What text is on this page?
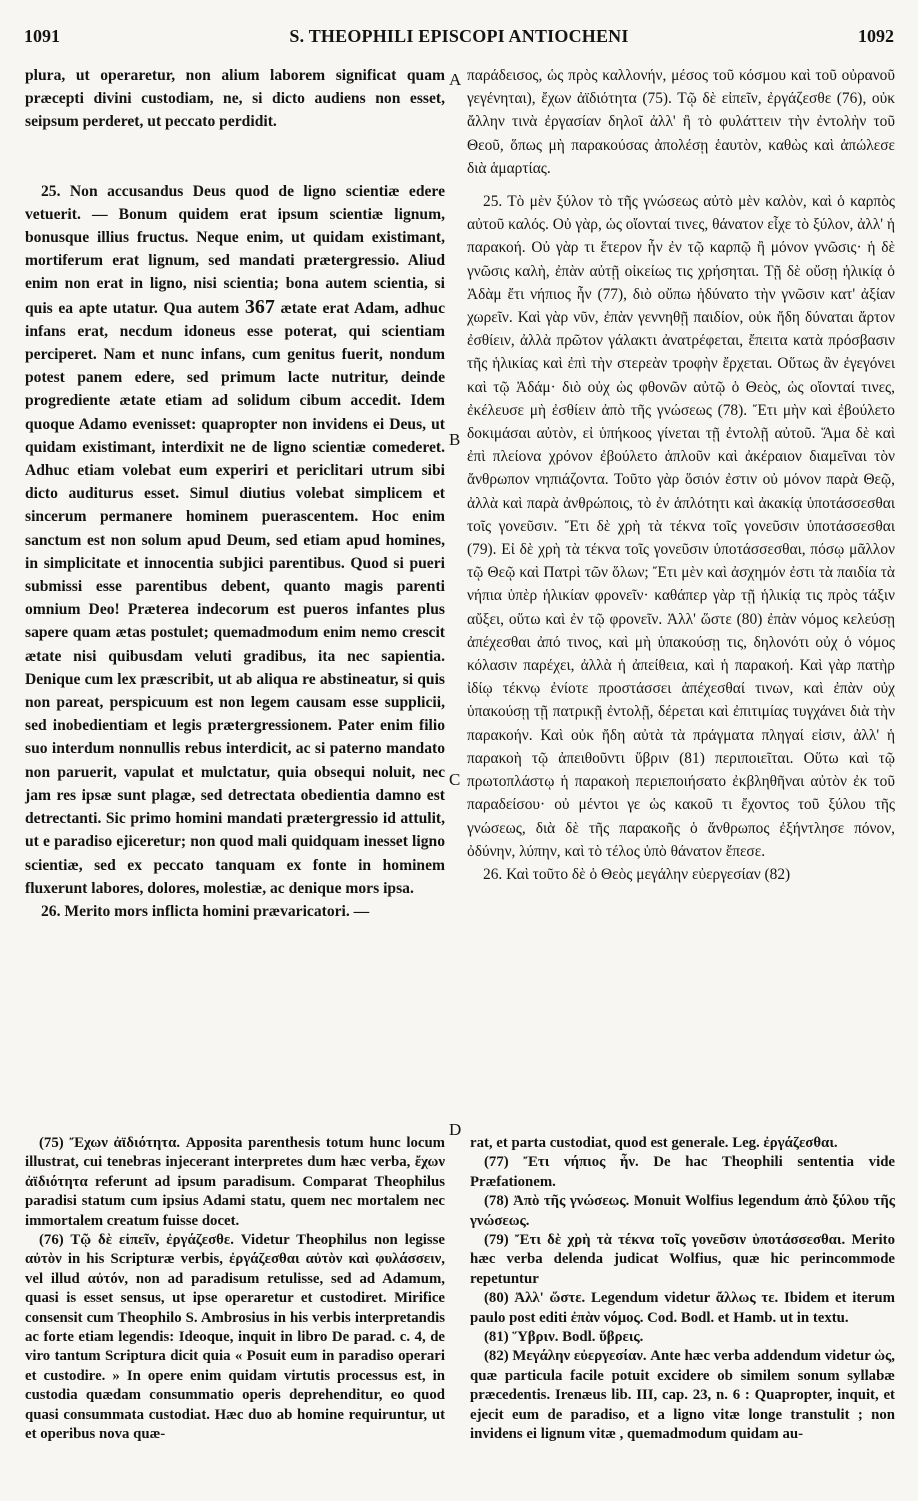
1091	S. THEOPHILI EPISCOPI ANTIOCHENI	1092
A
B
C
D

plura, ut operaretur, non alium laborem significat quam præcepti divini custodiam, ne, si dicto audiens non esset, seipsum perderet, ut peccato perdidit.

25. Non accusandus Deus quod de ligno scientiæ edere vetuerit. — Bonum quidem erat ipsum scientiæ lignum, bonusque illius fructus. Neque enim, ut quidam existimant, mortiferum erat lignum, sed mandati prætergressio. Aliud enim non erat in ligno, nisi scientia; bona autem scientia, si quis ea apte utatur. Qua autem 367 ætate erat Adam, adhuc infans erat, necdum idoneus esse poterat, qui scientiam perciperet. Nam et nunc infans, cum genitus fuerit, nondum potest panem edere, sed primum lacte nutritur, deinde progrediente ætate etiam ad solidum cibum accedit. Idem quoque Adamo evenisset: quapropter non invidens ei Deus, ut quidam existimant, interdixit ne de ligno scientiæ comederet. Adhuc etiam volebat eum experiri et periclitari utrum sibi dicto auditurus esset. Simul diutius volebat simplicem et sincerum permanere hominem puerascentem. Hoc enim sanctum est non solum apud Deum, sed etiam apud homines, in simplicitate et innocentia subjici parentibus. Quod si pueri submissi esse parentibus debent, quanto magis parenti omnium Deo! Præterea indecorum est pueros infantes plus sapere quam ætas postulet; quemadmodum enim nemo crescit ætate nisi quibusdam veluti gradibus, ita nec sapientia. Denique cum lex præscribit, ut ab aliqua re abstineatur, si quis non pareat, perspicuum est non legem causam esse supplicii, sed inobedientiam et legis prætergressionem. Pater enim filio suo interdum nonnullis rebus interdicit, ac si paterno mandato non paruerit, vapulat et mulctatur, quia obsequi noluit, nec jam res ipsæ sunt plagæ, sed detrectata obedientia damno est detrectanti. Sic primo homini mandati prætergressio id attulit, ut e paradiso ejiceretur; non quod mali quidquam inesset ligno scientiæ, sed ex peccato tanquam ex fonte in hominem fluxerunt labores, dolores, molestiæ, ac denique mors ipsa.

26. Merito mors inflicta homini prævaricatori. —

παράδεισος, ὡς πρὸς καλλονήν, μέσος τοῦ κόσμου καὶ τοῦ οὐρανοῦ γεγένηται), ἔχων ἀϊδιότητα (75). Τῷ δὲ εἰπεῖν, ἐργάζεσθε (76), οὐκ ἄλλην τινὰ ἐργασίαν δηλοῖ ἀλλ' ἢ τὸ φυλάττειν τὴν ἐντολὴν τοῦ Θεοῦ, ὅπως μὴ παρακούσας ἀπολέσῃ ἑαυτὸν, καθὼς καὶ ἀπώλεσε διὰ ἁμαρτίας.

25. Τὸ μὲν ξύλον τὸ τῆς γνώσεως αὐτὸ μὲν καλὸν, καὶ ὁ καρπὸς αὐτοῦ καλός. Οὐ γὰρ, ὡς οἴονταί τινες, θάνατον εἶχε τὸ ξύλον, ἀλλ' ἡ παρακοή. Οὐ γὰρ τι ἕτερον ἦν ἐν τῷ καρπῷ ἢ μόνον γνῶσις· ἡ δὲ γνῶσις καλὴ, ἐπὰν αὐτῇ οἰκείως τις χρήσηται. Τῇ δὲ οὔσῃ ἡλικίᾳ ὁ Ἀδὰμ ἔτι νήπιος ἦν (77), διὸ οὔπω ἠδύνατο τὴν γνῶσιν κατ' ἀξίαν χωρεῖν. Καὶ γὰρ νῦν, ἐπὰν γεννηθῇ παιδίον, οὐκ ἤδη δύναται ἄρτον ἐσθίειν, ἀλλὰ πρῶτον γάλακτι ἀνατρέφεται, ἔπειτα κατὰ πρόσβασιν τῆς ἡλικίας καὶ ἐπὶ τὴν στερεὰν τροφὴν ἔρχεται. Οὕτως ἂν ἐγεγόνει καὶ τῷ Ἀδάμ· διὸ οὐχ ὡς φθονῶν αὐτῷ ὁ Θεὸς, ὡς οἴονταί τινες, ἐκέλευσε μὴ ἐσθίειν ἀπὸ τῆς γνώσεως (78). Ἔτι μὴν καὶ ἐβούλετο δοκιμάσαι αὐτὸν, εἰ ὑπήκοος γίνεται τῇ ἐντολῇ αὐτοῦ. Ἅμα δὲ καὶ ἐπὶ πλείονα χρόνον ἐβούλετο ἁπλοῦν καὶ ἀκέραιον διαμεῖναι τὸν ἄνθρωπον νηπιάζοντα. Τοῦτο γὰρ ὅσιόν ἐστιν οὐ μόνον παρὰ Θεῷ, ἀλλὰ καὶ παρὰ ἀνθρώποις, τὸ ἐν ἁπλότητι καὶ ἀκακίᾳ ὑποτάσσεσθαι τοῖς γονεῦσιν. Ἔτι δὲ χρὴ τὰ τέκνα τοῖς γονεῦσιν ὑποτάσσεσθαι (79). Εἰ δὲ χρὴ τὰ τέκνα τοῖς γονεῦσιν ὑποτάσσεσθαι, πόσῳ μᾶλλον τῷ Θεῷ καὶ Πατρὶ τῶν ὅλων; Ἔτι μὲν καὶ ἀσχημόν ἐστι τὰ παιδία τὰ νήπια ὑπὲρ ἡλικίαν φρονεῖν· καθάπερ γὰρ τῇ ἡλικίᾳ τις πρὸς τάξιν αὔξει, οὕτω καὶ ἐν τῷ φρονεῖν. Ἀλλ' ὥστε (80) ἐπὰν νόμος κελεύσῃ ἀπέχεσθαι ἀπό τινος, καὶ μὴ ὑπακούσῃ τις, δηλονότι οὐχ ὁ νόμος κόλασιν παρέχει, ἀλλὰ ἡ ἀπείθεια, καὶ ἡ παρακοή. Καὶ γὰρ πατὴρ ἰδίῳ τέκνῳ ἐνίοτε προστάσσει ἀπέχεσθαί τινων, καὶ ἐπὰν οὐχ ὑπακούσῃ τῇ πατρικῇ ἐντολῇ, δέρεται καὶ ἐπιτιμίας τυγχάνει διὰ τὴν παρακοήν. Καὶ οὐκ ἤδη αὐτὰ τὰ πράγματα πληγαί εἰσιν, ἀλλ' ἡ παρακοὴ τῷ ἀπειθοῦντι ὕβριν (81) περιποιεῖται. Οὕτω καὶ τῷ πρωτοπλάστῳ ἡ παρακοὴ περιεποιήσατο ἐκβληθῆναι αὐτὸν ἐκ τοῦ παραδείσου· οὐ μέντοι γε ὡς κακοῦ τι ἔχοντος τοῦ ξύλου τῆς γνώσεως, διὰ δὲ τῆς παρακοῆς ὁ ἄνθρωπος ἐξήντλησε πόνον, ὀδύνην, λύπην, καὶ τὸ τέλος ὑπὸ θάνατον ἔπεσε.

26. Καὶ τοῦτο δὲ ὁ Θεὸς μεγάλην εὐεργεσίαν (82)

(75) Ἔχων ἀϊδιότητα. Apposita parenthesis totum hunc locum illustrat, cui tenebras injecerant interpretes dum hæc verba, ἔχων ἀϊδιότητα referunt ad ipsum paradisum. Comparat Theophilus paradisi statum cum ipsius Adami statu, quem nec mortalem nec immortalem creatum fuisse docet.

(76) Τῷ δὲ εἰπεῖν, ἐργάζεσθε. Videtur Theophilus non legisse αὐτὸν in his Scripturæ verbis, ἐργάζεσθαι αὐτὸν καὶ φυλάσσειν, vel illud αὐτόν, non ad paradisum retulisse, sed ad Adamum, quasi is esset sensus, ut ipse operaretur et custodiret. Mirifice consensit cum Theophilo S. Ambrosius in his verbis interpretandis ac forte etiam legendis: Ideoque, inquit in libro De parad. c. 4, de viro tantum Scriptura dicit quia « Posuit eum in paradiso operari et custodire. » In opere enim quidam virtutis processus est, in custodia quædam consummatio operis deprehenditur, eo quod quasi consummata custodiat. Hæc duo ab homine requiruntur, ut et operibus nova quæ-

rat, et parta custodiat, quod est generale. Leg. ἐργάζεσθαι.

(77) Ἔτι νήπιος ἦν. De hac Theophili sententia vide Præfationem.

(78) Ἀπὸ τῆς γνώσεως. Monuit Wolfius legendum ἀπὸ ξύλου τῆς γνώσεως.

(79) Ἔτι δὲ χρὴ τὰ τέκνα τοῖς γονεῦσιν ὑποτάσσεσθαι. Merito hæc verba delenda judicat Wolfius, quæ hic perincommode repetuntur

(80) Ἀλλ' ὥστε. Legendum videtur ἄλλως τε. Ibidem et iterum paulo post editi ἐπὰν νόμος. Cod. Bodl. et Hamb. ut in textu.

(81) Ὕβριν. Bodl. ὕβρεις.

(82) Μεγάλην εὐεργεσίαν. Ante hæc verba addendum videtur ὡς, quæ particula facile potuit excidere ob similem sonum syllabæ præcedentis. Irenæus lib. III, cap. 23, n. 6 : Quapropter, inquit, et ejecit eum de paradiso, et a ligno vitæ longe transtulit ; non invidens ei lignum vitæ , quemadmodum quidam au-
